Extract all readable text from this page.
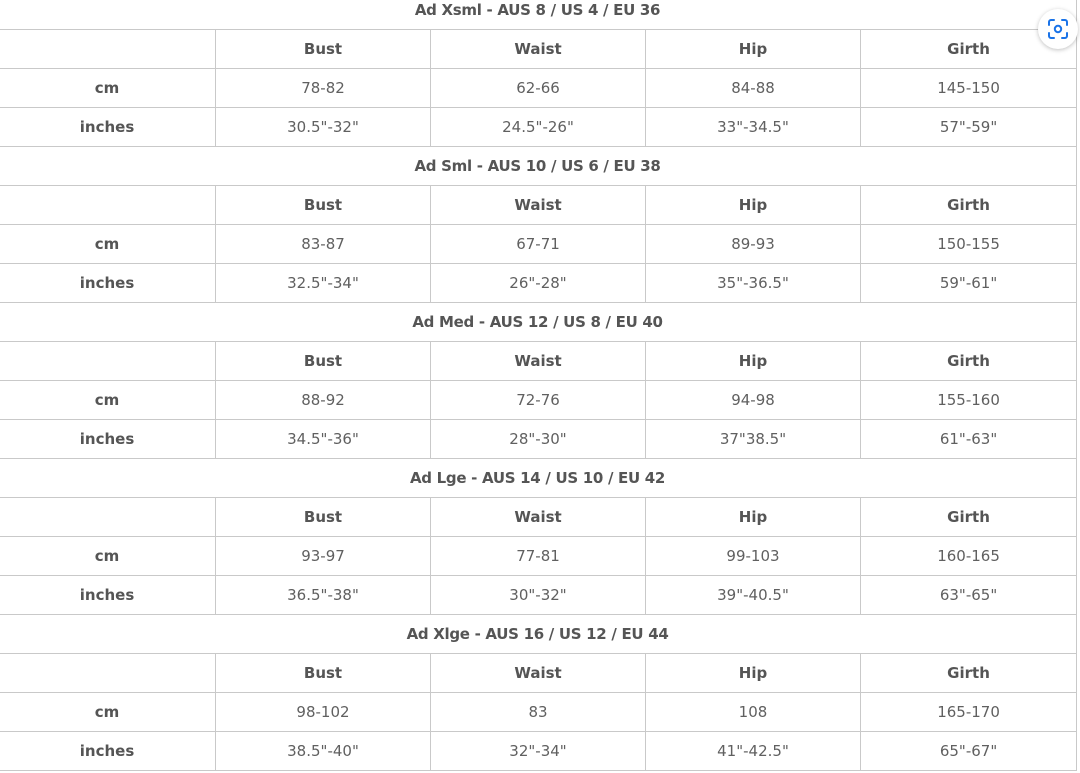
Ad Xsml - AUS 8 / US 4 / EU 36				
	Bust	Waist	Hip	Girth
cm	78-82	62-66	84-88	145-150
inches	30.5"-32"	24.5"-26"	33"-34.5"	57"-59"
Ad Sml - AUS 10 / US 6 / EU 38				
	Bust	Waist	Hip	Girth
cm	83-87	67-71	89-93	150-155
inches	32.5"-34"	26"-28"	35"-36.5"	59"-61"
Ad Med - AUS 12 / US 8 / EU 40				
	Bust	Waist	Hip	Girth
cm	88-92	72-76	94-98	155-160
inches	34.5"-36"	28"-30"	37"38.5"	61"-63"
Ad Lge - AUS 14 / US 10 / EU 42				
	Bust	Waist	Hip	Girth
cm	93-97	77-81	99-103	160-165
inches	36.5"-38"	30"-32"	39"-40.5"	63"-65"
Ad Xlge - AUS 16 / US 12 / EU 44				
	Bust	Waist	Hip	Girth
cm	98-102	83	108	165-170
inches	38.5"-40"	32"-34"	41"-42.5"	65"-67"
